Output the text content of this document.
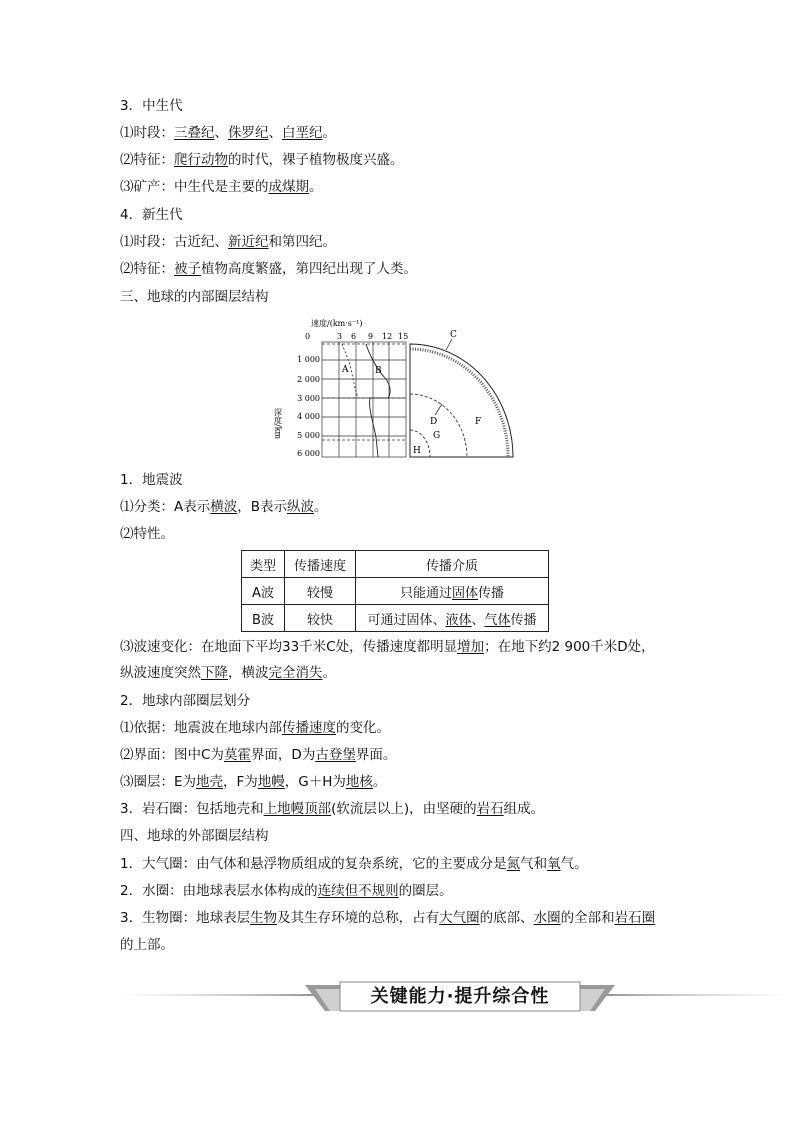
3．中生代
⑴时段：三叠纪、侏罗纪、白垩纪。
⑵特征：爬行动物的时代，裸子植物极度兴盛。
⑶矿产：中生代是主要的成煤期。
4．新生代
⑴时段：古近纪、新近纪和第四纪。
⑵特征：被子植物高度繁盛，第四纪出现了人类。
三、地球的内部圈层结构
速度/(km·s⁻¹)
0	3 6 9 12 15
1 000
2 000
3 000
4 000
5 000
6 000
深度/km
A	B
C
D	F
G
H
1．地震波
⑴分类：A表示横波，B表示纵波。
⑵特性。
类型	传播速度	传播介质
A波	较慢	只能通过固体传播
B波	较快	可通过固体、液体、气体传播
⑶波速变化：在地面下平均33千米C处，传播速度都明显增加；在地下约2 900千米D处，
纵波速度突然下降，横波完全消失。
2．地球内部圈层划分
⑴依据：地震波在地球内部传播速度的变化。
⑵界面：图中C为莫霍界面，D为古登堡界面。
⑶圈层：E为地壳，F为地幔，G＋H为地核。
3．岩石圈：包括地壳和上地幔顶部(软流层以上)，由坚硬的岩石组成。
四、地球的外部圈层结构
1．大气圈：由气体和悬浮物质组成的复杂系统，它的主要成分是氮气和氧气。
2．水圈：由地球表层水体构成的连续但不规则的圈层。
3．生物圈：地球表层生物及其生存环境的总称，占有大气圈的底部、水圈的全部和岩石圈
的上部。
关键能力·提升综合性
